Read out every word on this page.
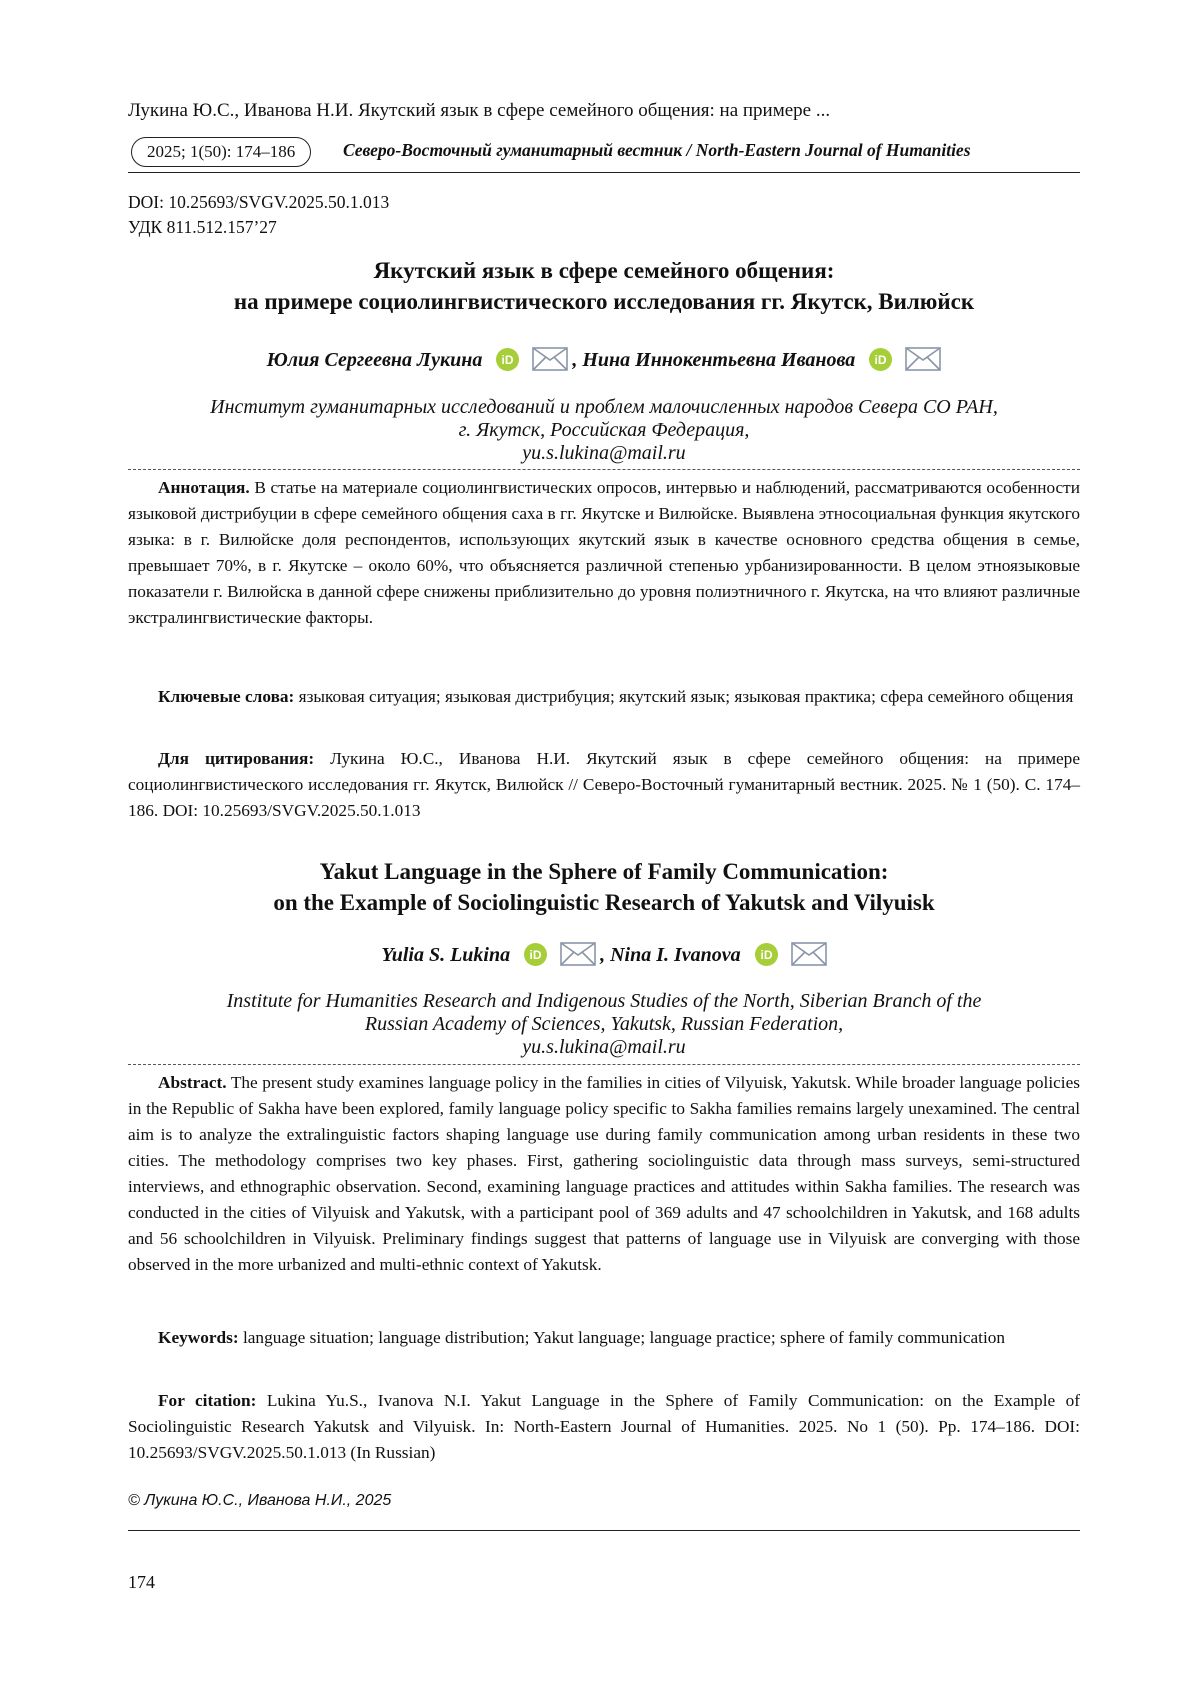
Лукина Ю.С., Иванова Н.И. Якутский язык в сфере семейного общения: на примере ...
2025; 1(50): 174–186	Северо-Восточный гуманитарный вестник / North-Eastern Journal of Humanities
DOI: 10.25693/SVGV.2025.50.1.013
УДК 811.512.157’27
Якутский язык в сфере семейного общения:
на примере социолингвистического исследования гг. Якутск, Вилюйск
Юлия Сергеевна Лукина iD	, Нина Иннокентьевна Иванова iD

Институт гуманитарных исследований и проблем малочисленных народов Севера СО РАН,
г. Якутск, Российская Федерация,
yu.s.lukina@mail.ru
Аннотация. В статье на материале социолингвистических опросов, интервью и наблюдений, рассматриваются особенности языковой дистрибуции в сфере семейного общения саха в гг. Якутске и Вилюйске. Выявлена этносоциальная функция якутского языка: в г. Вилюйске доля респондентов, использующих якутский язык в качестве основного средства общения в семье, превышает 70%, в г. Якутске – около 60%, что объясняется различной степенью урбанизированности. В целом этноязыковые показатели г. Вилюйска в данной сфере снижены приблизительно до уровня полиэтничного г. Якутска, на что влияют различные экстралингвистические факторы.
Ключевые слова: языковая ситуация; языковая дистрибуция; якутский язык; языковая практика; сфера семейного общения
Для цитирования: Лукина Ю.С., Иванова Н.И. Якутский язык в сфере семейного общения: на примере социолингвистического исследования гг. Якутск, Вилюйск // Северо-Восточный гуманитарный вестник. 2025. № 1 (50). С. 174–186. DOI: 10.25693/SVGV.2025.50.1.013
Yakut Language in the Sphere of Family Communication:
on the Example of Sociolinguistic Research of Yakutsk and Vilyuisk
Yulia S. Lukina iD	, Nina I. Ivanova iD

Institute for Humanities Research and Indigenous Studies of the North, Siberian Branch of the
Russian Academy of Sciences, Yakutsk, Russian Federation,
yu.s.lukina@mail.ru
Abstract. The present study examines language policy in the families in cities of Vilyuisk, Yakutsk. While broader language policies in the Republic of Sakha have been explored, family language policy specific to Sakha families remains largely unexamined. The central aim is to analyze the extralinguistic factors shaping language use during family communication among urban residents in these two cities. The methodology comprises two key phases. First, gathering sociolinguistic data through mass surveys, semi-structured interviews, and ethnographic observation. Second, examining language practices and attitudes within Sakha families. The research was conducted in the cities of Vilyuisk and Yakutsk, with a participant pool of 369 adults and 47 schoolchildren in Yakutsk, and 168 adults and 56 schoolchildren in Vilyuisk. Preliminary findings suggest that patterns of language use in Vilyuisk are converging with those observed in the more urbanized and multi-ethnic context of Yakutsk.
Keywords: language situation; language distribution; Yakut language; language practice; sphere of family communication
For citation: Lukina Yu.S., Ivanova N.I. Yakut Language in the Sphere of Family Communication: on the Example of Sociolinguistic Research Yakutsk and Vilyuisk. In: North-Eastern Journal of Humanities. 2025. No 1 (50). Pp. 174–186. DOI: 10.25693/SVGV.2025.50.1.013 (In Russian)
© Лукина Ю.С., Иванова Н.И., 2025
174
